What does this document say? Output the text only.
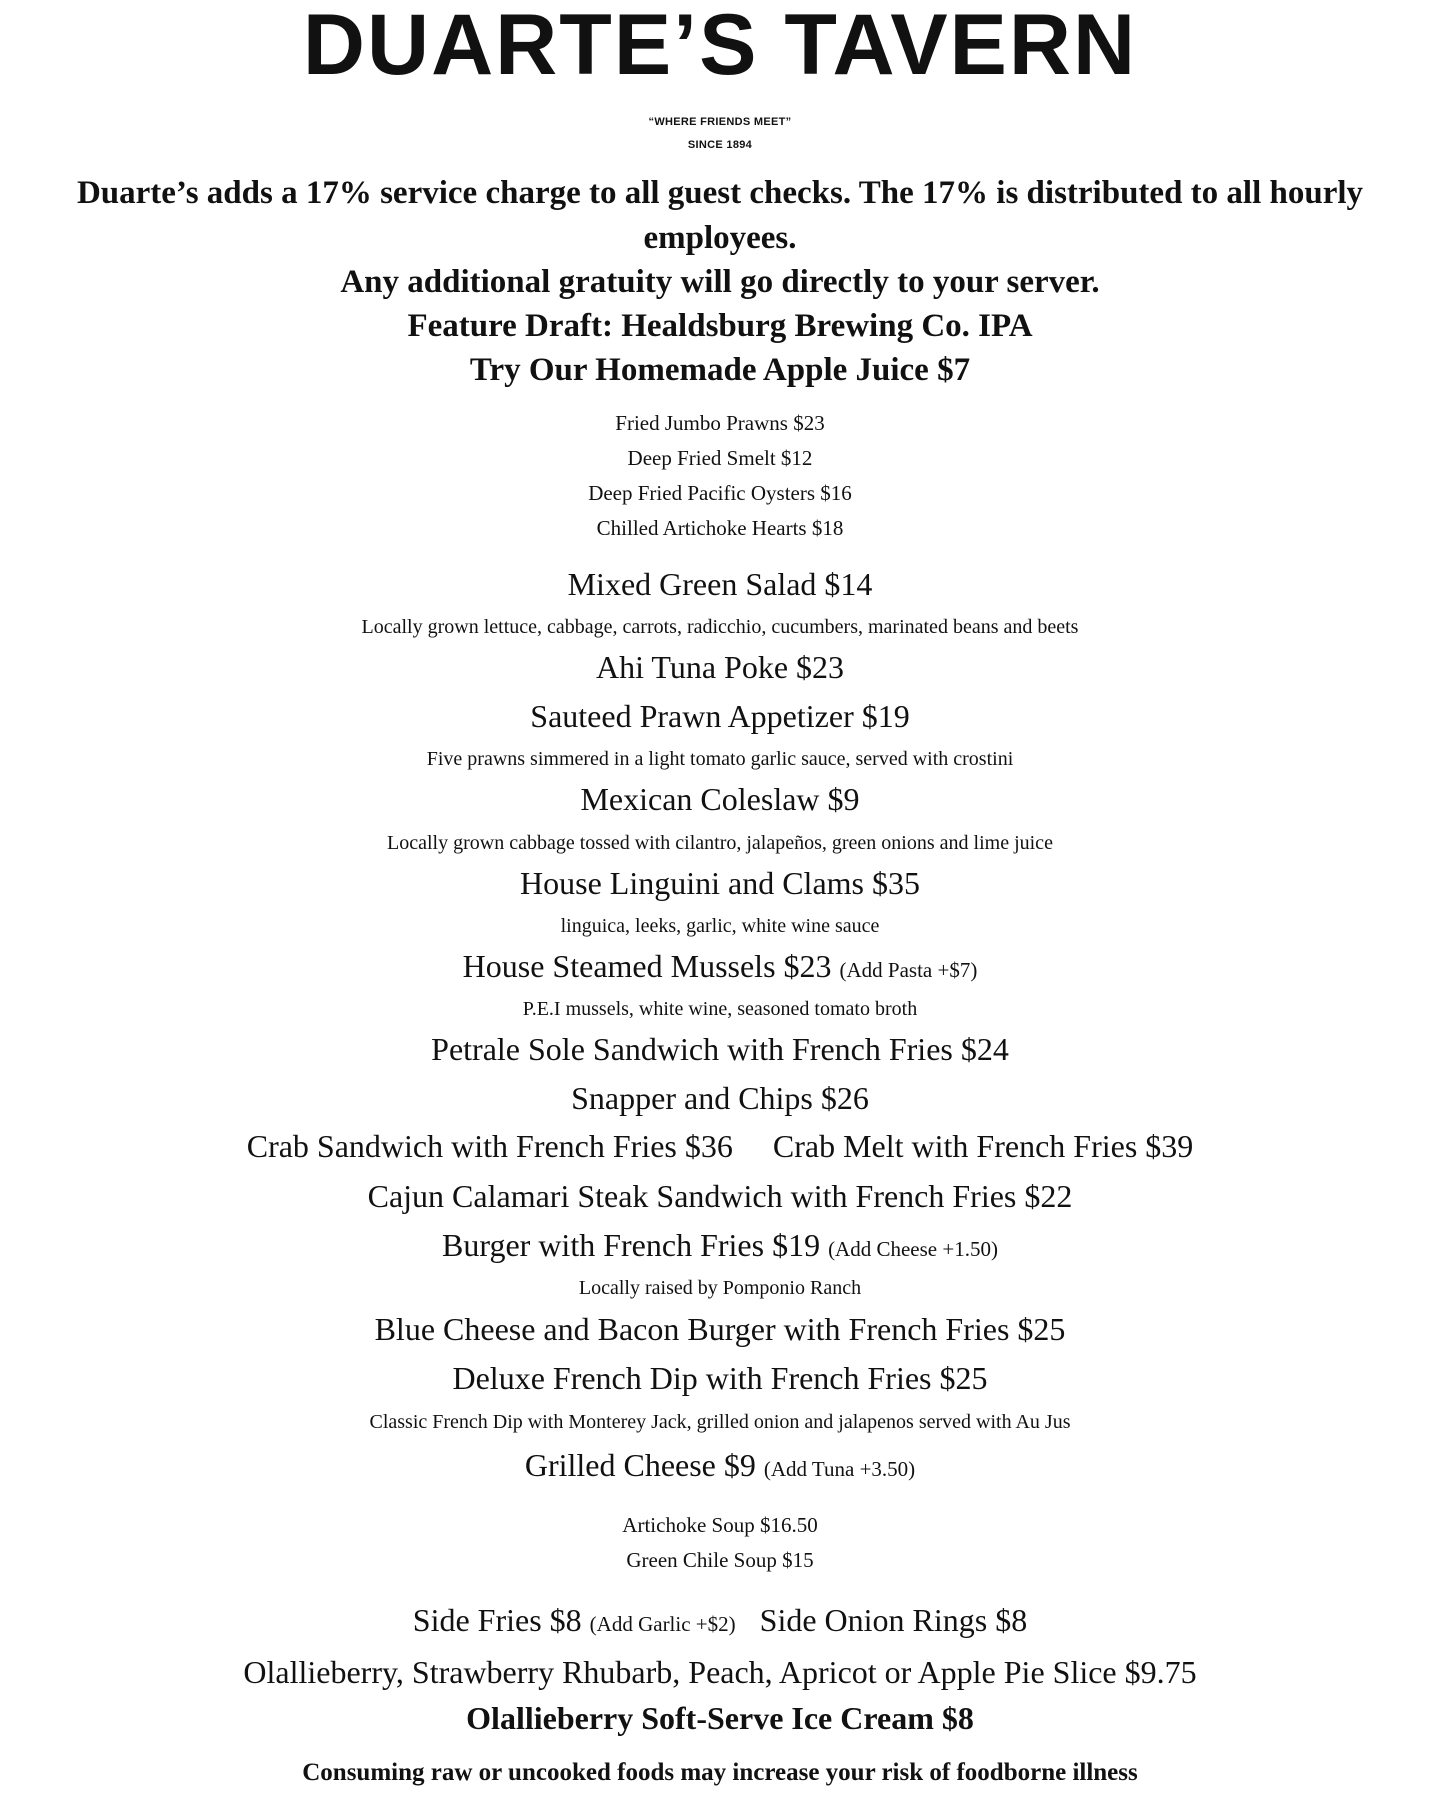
DUARTE’S TAVERN
“WHERE FRIENDS MEET”
SINCE 1894
Duarte’s adds a 17% service charge to all guest checks. The 17% is distributed to all hourly
employees.
Any additional gratuity will go directly to your server.
Feature Draft: Healdsburg Brewing Co. IPA
Try Our Homemade Apple Juice $7
Fried Jumbo Prawns $23
Deep Fried Smelt $12
Deep Fried Pacific Oysters $16
Chilled Artichoke Hearts $18
Mixed Green Salad $14
Locally grown lettuce, cabbage, carrots, radicchio, cucumbers, marinated beans and beets
Ahi Tuna Poke $23
Sauteed Prawn Appetizer $19
Five prawns simmered in a light tomato garlic sauce, served with crostini
Mexican Coleslaw $9
Locally grown cabbage tossed with cilantro, jalapeños, green onions and lime juice
House Linguini and Clams $35
linguica, leeks, garlic, white wine sauce
House Steamed Mussels $23 (Add Pasta +$7)
P.E.I mussels, white wine, seasoned tomato broth
Petrale Sole Sandwich with French Fries $24
Snapper and Chips $26
Crab Sandwich with French Fries $36 Crab Melt with French Fries $39
Cajun Calamari Steak Sandwich with French Fries $22
Burger with French Fries $19 (Add Cheese +1.50)
Locally raised by Pomponio Ranch
Blue Cheese and Bacon Burger with French Fries $25
Deluxe French Dip with French Fries $25
Classic French Dip with Monterey Jack, grilled onion and jalapenos served with Au Jus
Grilled Cheese $9 (Add Tuna +3.50)
Artichoke Soup $16.50
Green Chile Soup $15
Side Fries $8 (Add Garlic +$2) Side Onion Rings $8
Olallieberry, Strawberry Rhubarb, Peach, Apricot or Apple Pie Slice $9.75
Olallieberry Soft-Serve Ice Cream $8
Consuming raw or uncooked foods may increase your risk of foodborne illness
